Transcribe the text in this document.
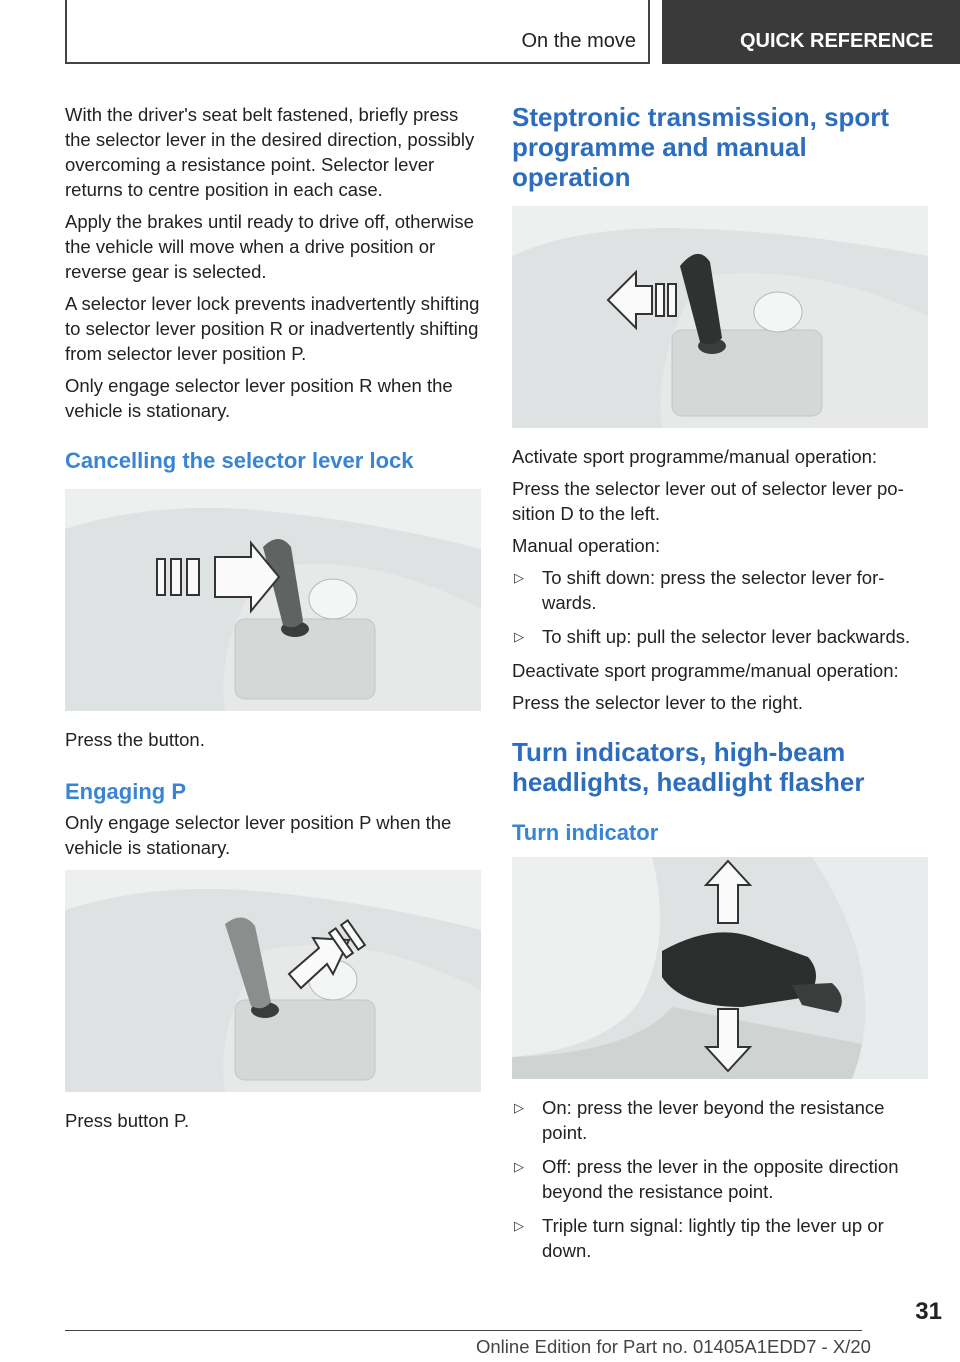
On the move	QUICK REFERENCE

With the driver's seat belt fastened, briefly press the selector lever in the desired direction, possibly overcoming a resistance point. Selector lever returns to centre position in each case.

Apply the brakes until ready to drive off, otherwise the vehicle will move when a drive position or reverse gear is selected.

A selector lever lock prevents inadvertently shifting to selector lever position R or inadvertently shifting from selector lever position P.

Only engage selector lever position R when the vehicle is stationary.

Cancelling the selector lever lock

Press the button.

Engaging P

Only engage selector lever position P when the vehicle is stationary.

Press button P.

Steptronic transmission, sport programme and manual operation

Activate sport programme/manual operation:

Press the selector lever out of selector lever position D to the left.

Manual operation:

▷ To shift down: press the selector lever forwards.
▷ To shift up: pull the selector lever backwards.

Deactivate sport programme/manual operation:

Press the selector lever to the right.

Turn indicators, high-beam headlights, headlight flasher
Turn indicator
▷ On: press the lever beyond the resistance point.
▷ Off: press the lever in the opposite direction beyond the resistance point.
▷ Triple turn signal: lightly tip the lever up or down.
31
Online Edition for Part no. 01405A1EDD7 - X/20
